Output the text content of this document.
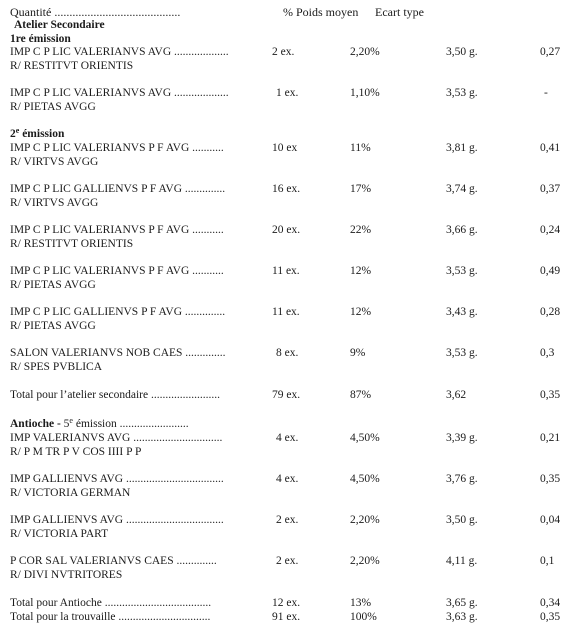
Quantité ..........................................	% Poids moyen Ecart type
Atelier Secondaire
1re émission
IMP C P LIC VALERIANVS AVG ...................	2 ex.	2,20%	3,50 g.	0,27
R/ RESTITVT ORIENTIS
IMP C P LIC VALERIANVS AVG ...................	1 ex.	1,10%	3,53 g.	-
R/ PIETAS AVGG
2e émission
IMP C P LIC VALERIANVS P F AVG ...........	10 ex	11%	3,81 g.	0,41
R/ VIRTVS AVGG
IMP C P LIC GALLIENVS P F AVG ..............	16 ex.	17%	3,74 g.	0,37
R/ VIRTVS AVGG
IMP C P LIC VALERIANVS P F AVG ...........	20 ex.	22%	3,66 g.	0,24
R/ RESTITVT ORIENTIS
IMP C P LIC VALERIANVS P F AVG ...........	11 ex.	12%	3,53 g.	0,49
R/ PIETAS AVGG
IMP C P LIC GALLIENVS P F AVG ..............	11 ex.	12%	3,43 g.	0,28
R/ PIETAS AVGG
SALON VALERIANVS NOB CAES ..............	8 ex.	9%	3,53 g.	0,3
R/ SPES PVBLICA
Total pour l’atelier secondaire ........................	79 ex.	87%	3,62	0,35
Antioche - 5e émission ........................
IMP VALERIANVS AVG ...............................	4 ex.	4,50%	3,39 g.	0,21
R/ P M TR P V COS IIII P P
IMP GALLIENVS AVG ..................................	4 ex.	4,50%	3,76 g.	0,35
R/ VICTORIA GERMAN
IMP GALLIENVS AVG ..................................	2 ex.	2,20%	3,50 g.	0,04
R/ VICTORIA PART
P COR SAL VALERIANVS CAES ..............	2 ex.	2,20%	4,11 g.	0,1
R/ DIVI NVTRITORES
Total pour Antioche .....................................	12 ex.	13%	3,65 g.	0,34
Total pour la trouvaille ................................	91 ex.	100%	3,63 g.	0,35
